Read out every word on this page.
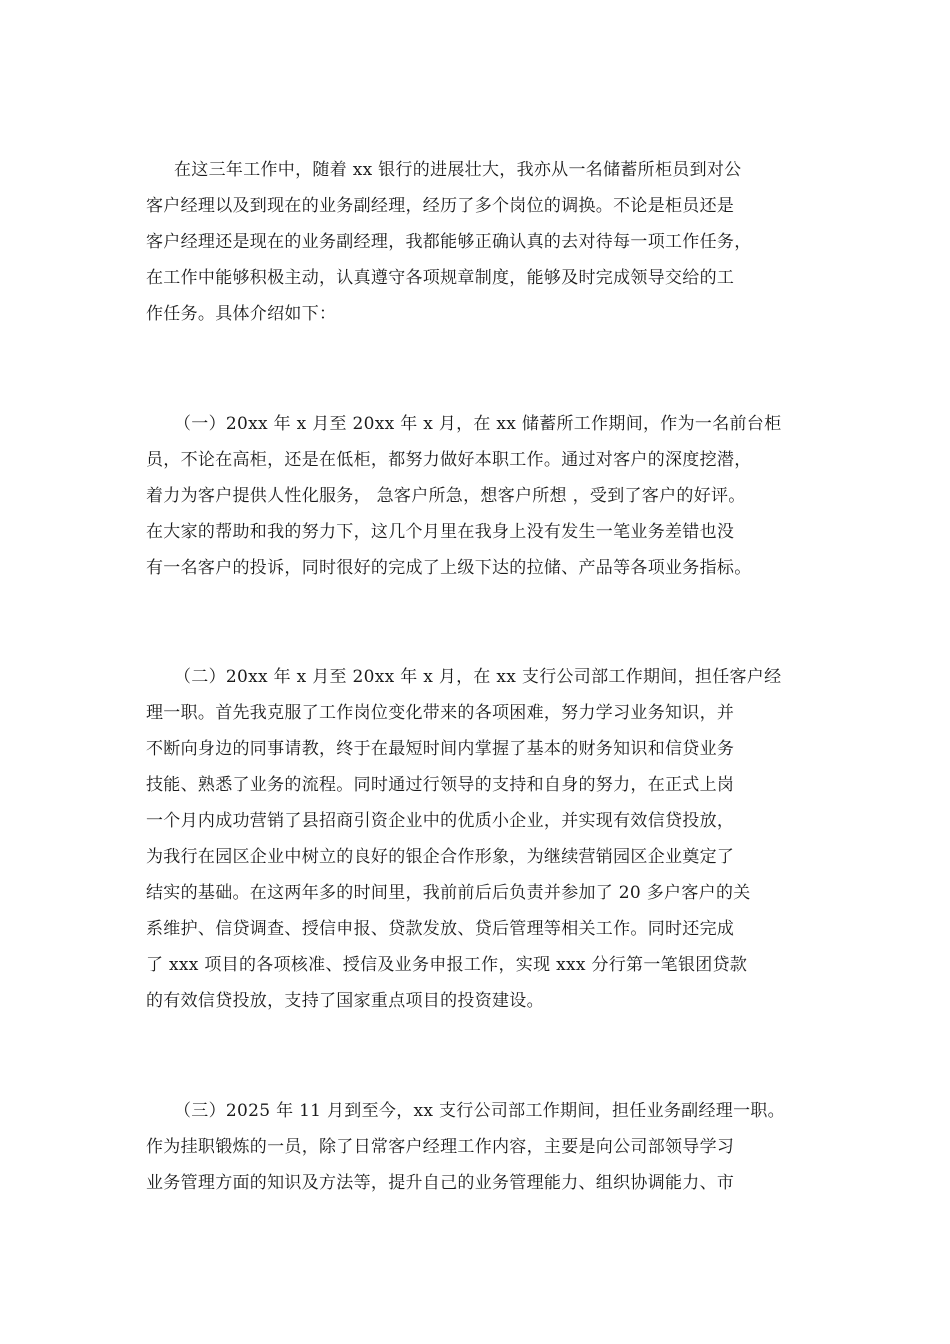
在这三年工作中，随着 xx 银行的进展壮大，我亦从一名储蓄所柜员到对公
客户经理以及到现在的业务副经理，经历了多个岗位的调换。不论是柜员还是
客户经理还是现在的业务副经理，我都能够正确认真的去对待每一项工作任务，
在工作中能够积极主动，认真遵守各项规章制度，能够及时完成领导交给的工
作任务。具体介绍如下：
（一）20xx 年 x 月至 20xx 年 x 月，在 xx 储蓄所工作期间，作为一名前台柜
员，不论在高柜，还是在低柜，都努力做好本职工作。通过对客户的深度挖潜，
着力为客户提供人性化服务， 急客户所急，想客户所想 ，受到了客户的好评。
在大家的帮助和我的努力下，这几个月里在我身上没有发生一笔业务差错也没
有一名客户的投诉，同时很好的完成了上级下达的拉储、产品等各项业务指标。
（二）20xx 年 x 月至 20xx 年 x 月，在 xx 支行公司部工作期间，担任客户经
理一职。首先我克服了工作岗位变化带来的各项困难，努力学习业务知识，并
不断向身边的同事请教，终于在最短时间内掌握了基本的财务知识和信贷业务
技能、熟悉了业务的流程。同时通过行领导的支持和自身的努力，在正式上岗
一个月内成功营销了县招商引资企业中的优质小企业，并实现有效信贷投放，
为我行在园区企业中树立的良好的银企合作形象，为继续营销园区企业奠定了
结实的基础。在这两年多的时间里，我前前后后负责并参加了 20 多户客户的关
系维护、信贷调查、授信申报、贷款发放、贷后管理等相关工作。同时还完成
了 xxx 项目的各项核准、授信及业务申报工作，实现 xxx 分行第一笔银团贷款
的有效信贷投放，支持了国家重点项目的投资建设。
（三）2025 年 11 月到至今，xx 支行公司部工作期间，担任业务副经理一职。
作为挂职锻炼的一员，除了日常客户经理工作内容，主要是向公司部领导学习
业务管理方面的知识及方法等，提升自己的业务管理能力、组织协调能力、市
